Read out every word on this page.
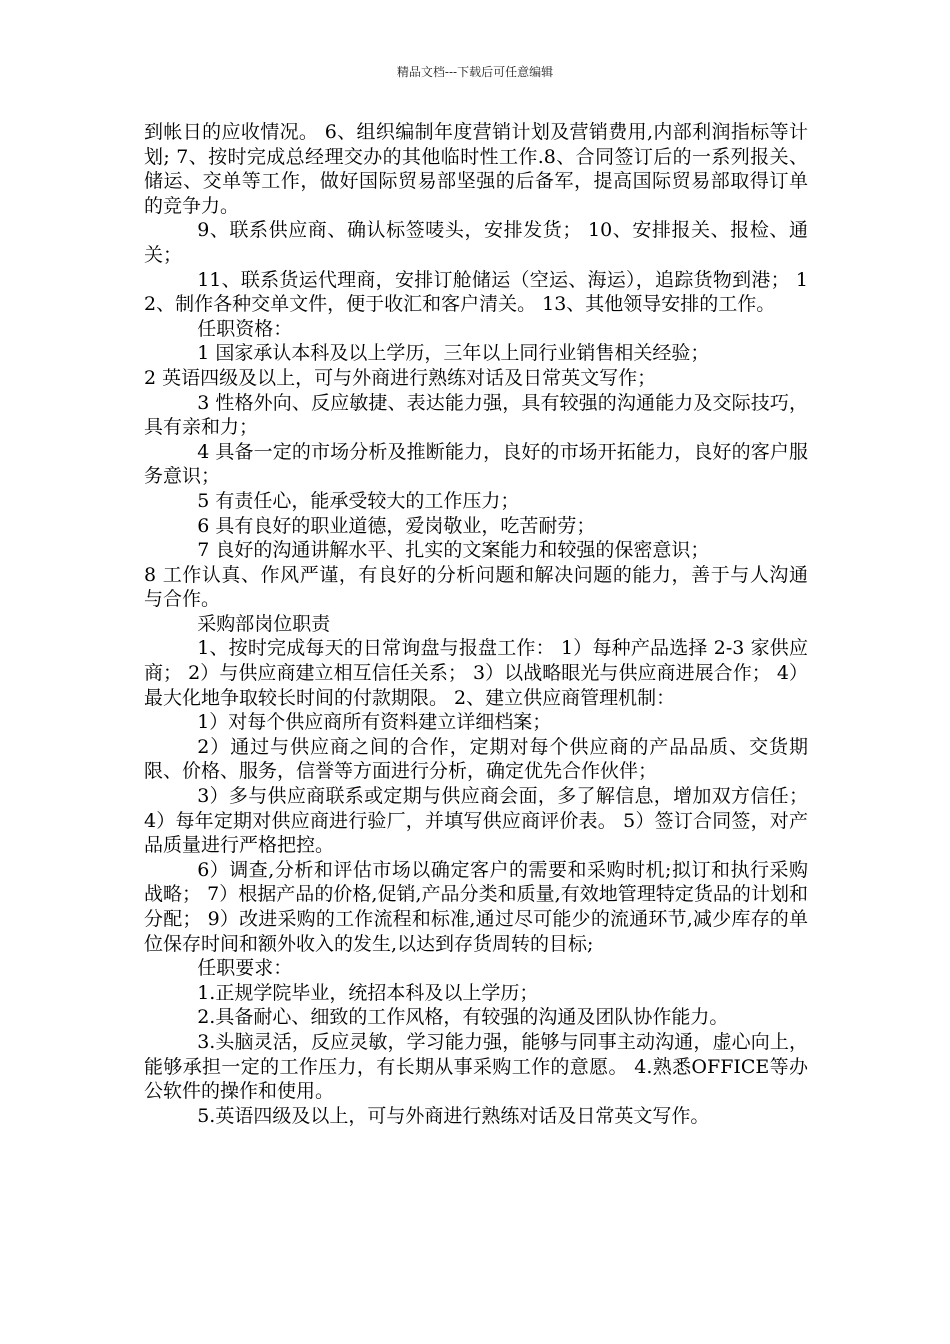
精品文档---下载后可任意编辑

到帐日的应收情况。 6、组织编制年度营销计划及营销费用,内部利润指标等计划; 7、按时完成总经理交办的其他临时性工作.8、合同签订后的一系列报关、储运、交单等工作，做好国际贸易部坚强的后备军，提高国际贸易部取得订单的竞争力。

9、联系供应商、确认标签唛头，安排发货； 10、安排报关、报检、通关；

11、联系货运代理商，安排订舱储运（空运、海运），追踪货物到港； 12、制作各种交单文件，便于收汇和客户清关。 13、其他领导安排的工作。

任职资格：

1 国家承认本科及以上学历，三年以上同行业销售相关经验；

2 英语四级及以上，可与外商进行熟练对话及日常英文写作；

3 性格外向、反应敏捷、表达能力强，具有较强的沟通能力及交际技巧，具有亲和力；

4 具备一定的市场分析及推断能力，良好的市场开拓能力，良好的客户服务意识；

5 有责任心，能承受较大的工作压力；

6 具有良好的职业道德，爱岗敬业，吃苦耐劳；

7 良好的沟通讲解水平、扎实的文案能力和较强的保密意识；

8 工作认真、作风严谨，有良好的分析问题和解决问题的能力，善于与人沟通与合作。

采购部岗位职责

1、按时完成每天的日常询盘与报盘工作： 1）每种产品选择 2-3 家供应商； 2）与供应商建立相互信任关系； 3）以战略眼光与供应商进展合作； 4）最大化地争取较长时间的付款期限。 2、建立供应商管理机制：

1）对每个供应商所有资料建立详细档案；

2）通过与供应商之间的合作，定期对每个供应商的产品品质、交货期限、价格、服务，信誉等方面进行分析，确定优先合作伙伴；

3）多与供应商联系或定期与供应商会面，多了解信息，增加双方信任； 4）每年定期对供应商进行验厂，并填写供应商评价表。 5）签订合同签，对产品质量进行严格把控。

6）调查,分析和评估市场以确定客户的需要和采购时机;拟订和执行采购战略； 7）根据产品的价格,促销,产品分类和质量,有效地管理特定货品的计划和分配； 9）改进采购的工作流程和标准,通过尽可能少的流通环节,减少库存的单位保存时间和额外收入的发生,以达到存货周转的目标;

任职要求：

1.正规学院毕业，统招本科及以上学历；

2.具备耐心、细致的工作风格，有较强的沟通及团队协作能力。

3.头脑灵活，反应灵敏，学习能力强，能够与同事主动沟通，虚心向上，能够承担一定的工作压力，有长期从事采购工作的意愿。 4.熟悉OFFICE等办公软件的操作和使用。

5.英语四级及以上，可与外商进行熟练对话及日常英文写作。
